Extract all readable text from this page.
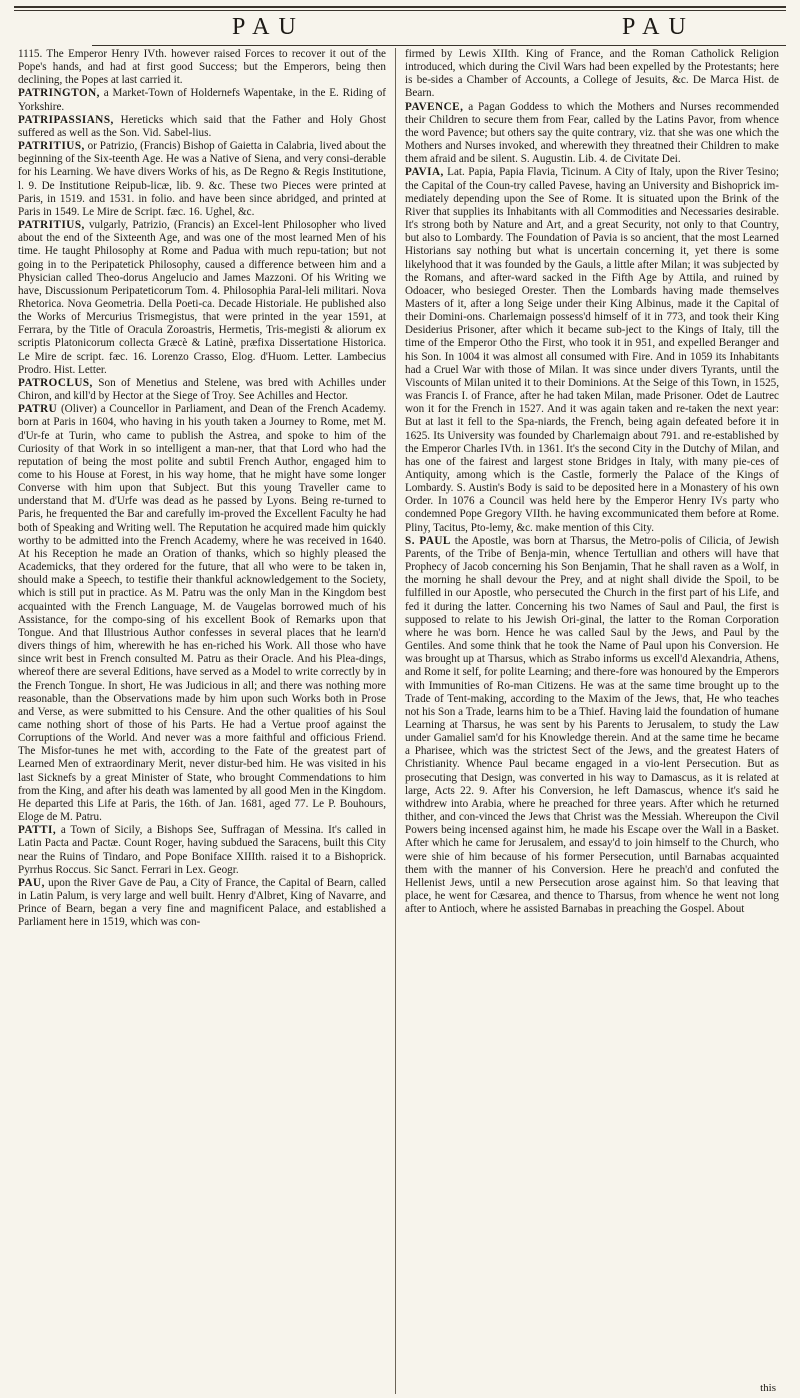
PAU	PAU

1115. The Emperor Henry IVth. however raised Forces to recover it out of the Pope's hands, and had at first good Success; but the Emperors, being then declining, the Popes at last carried it.

PATRINGTON, a Market-Town of Holdernefs Wapentake, in the E. Riding of Yorkshire.

PATRIPASSIANS, Hereticks which said that the Father and Holy Ghost suffered as well as the Son. Vid. Sabel-lius.

PATRITIUS, or Patrizio, (Francis) Bishop of Gaietta in Calabria, lived about the beginning of the Six-teenth Age. He was a Native of Siena, and very consi-derable for his Learning. We have divers Works of his, as De Regno & Regis Institutione, l. 9. De Institutione Reipub-licæ, lib. 9. &c. These two Pieces were printed at Paris, in 1519. and 1531. in folio. and have been since abridged, and printed at Paris in 1549. Le Mire de Script. fæc. 16. Ughel, &c.

PATRITIUS, vulgarly, Patrizio, (Francis) an Excel-lent Philosopher who lived about the end of the Sixteenth Age, and was one of the most learned Men of his time. He taught Philosophy at Rome and Padua with much repu-tation; but not going in to the Peripatetick Philosophy, caused a difference between him and a Physician called Theo-dorus Angelucio and James Mazzoni. Of his Writing we have, Discussionum Peripateticorum Tom. 4. Philosophia Paral-leli militari. Nova Rhetorica. Nova Geometria. Della Poeti-ca. Decade Historiale. He published also the Works of Mercurius Trismegistus, that were printed in the year 1591, at Ferrara, by the Title of Oracula Zoroastris, Hermetis, Tris-megisti & aliorum ex scriptis Platonicorum collecta Græcè & Latinè, præfixa Dissertatione Historica. Le Mire de script. fæc. 16. Lorenzo Crasso, Elog. d'Huom. Letter. Lambecius Prodro. Hist. Letter.

PATROCLUS, Son of Menetius and Stelene, was bred with Achilles under Chiron, and kill'd by Hector at the Siege of Troy. See Achilles and Hector.

PATRU (Oliver) a Councellor in Parliament, and Dean of the French Academy. born at Paris in 1604, who having in his youth taken a Journey to Rome, met M. d'Ur-fe at Turin, who came to publish the Astrea, and spoke to him of the Curiosity of that Work in so intelligent a man-ner, that that Lord who had the reputation of being the most polite and subtil French Author, engaged him to come to his House at Forest, in his way home, that he might have some longer Converse with him upon that Subject. But this young Traveller came to understand that M. d'Urfe was dead as he passed by Lyons. Being re-turned to Paris, he frequented the Bar and carefully im-proved the Excellent Faculty he had both of Speaking and Writing well. The Reputation he acquired made him quickly worthy to be admitted into the French Academy, where he was received in 1640. At his Reception he made an Oration of thanks, which so highly pleased the Academicks, that they ordered for the future, that all who were to be taken in, should make a Speech, to testifie their thankful acknowledgement to the Society, which is still put in practice. As M. Patru was the only Man in the Kingdom best acquainted with the French Language, M. de Vaugelas borrowed much of his Assistance, for the compo-sing of his excellent Book of Remarks upon that Tongue. And that Illustrious Author confesses in several places that he learn'd divers things of him, wherewith he has en-riched his Work. All those who have since writ best in French consulted M. Patru as their Oracle. And his Plea-dings, whereof there are several Editions, have served as a Model to write correctly by in the French Tongue. In short, He was Judicious in all; and there was nothing more reasonable, than the Observations made by him upon such Works both in Prose and Verse, as were submitted to his Censure. And the other qualities of his Soul came nothing short of those of his Parts. He had a Vertue proof against the Corruptions of the World. And never was a more faithful and officious Friend. The Misfor-tunes he met with, according to the Fate of the greatest part of Learned Men of extraordinary Merit, never distur-bed him. He was visited in his last Sicknefs by a great Minister of State, who brought Commendations to him from the King, and after his death was lamented by all good Men in the Kingdom. He departed this Life at Paris, the 16th. of Jan. 1681, aged 77. Le P. Bouhours, Eloge de M. Patru.

PATTI, a Town of Sicily, a Bishops See, Suffragan of Messina. It's called in Latin Pacta and Pactæ. Count Roger, having subdued the Saracens, built this City near the Ruins of Tindaro, and Pope Boniface XIIIth. raised it to a Bishoprick. Pyrrhus Roccus. Sic Sanct. Ferrari in Lex. Geogr.

PAU, upon the River Gave de Pau, a City of France, the Capital of Bearn, called in Latin Palum, is very large and well built. Henry d'Albret, King of Navarre, and Prince of Bearn, began a very fine and magnificent Palace, and established a Parliament here in 1519, which was con-

firmed by Lewis XIIth. King of France, and the Roman Catholick Religion introduced, which during the Civil Wars had been expelled by the Protestants; here is be-sides a Chamber of Accounts, a College of Jesuits, &c. De Marca Hist. de Bearn.

PAVENCE, a Pagan Goddess to which the Mothers and Nurses recommended their Children to secure them from Fear, called by the Latins Pavor, from whence the word Pavence; but others say the quite contrary, viz. that she was one which the Mothers and Nurses invoked, and wherewith they threatned their Children to make them afraid and be silent. S. Augustin. Lib. 4. de Civitate Dei.

PAVIA, Lat. Papia, Papia Flavia, Ticinum. A City of Italy, upon the River Tesino; the Capital of the Coun-try called Pavese, having an University and Bishoprick im-mediately depending upon the See of Rome. It is situated upon the Brink of the River that supplies its Inhabitants with all Commodities and Necessaries desirable. It's strong both by Nature and Art, and a great Security, not only to that Country, but also to Lombardy. The Foundation of Pavia is so ancient, that the most Learned Historians say nothing but what is uncertain concerning it, yet there is some likelyhood that it was founded by the Gauls, a little after Milan; it was subjected by the Romans, and after-ward sacked in the Fifth Age by Attila, and ruined by Odoacer, who besieged Orester. Then the Lombards having made themselves Masters of it, after a long Seige under their King Albinus, made it the Capital of their Domini-ons. Charlemaign possess'd himself of it in 773, and took their King Desiderius Prisoner, after which it became sub-ject to the Kings of Italy, till the time of the Emperor Otho the First, who took it in 951, and expelled Beranger and his Son. In 1004 it was almost all consumed with Fire. And in 1059 its Inhabitants had a Cruel War with those of Milan. It was since under divers Tyrants, until the Viscounts of Milan united it to their Dominions. At the Seige of this Town, in 1525, was Francis I. of France, after he had taken Milan, made Prisoner. Odet de Lautrec won it for the French in 1527. And it was again taken and re-taken the next year: But at last it fell to the Spa-niards, the French, being again defeated before it in 1625. Its University was founded by Charlemaign about 791. and re-established by the Emperor Charles IVth. in 1361. It's the second City in the Dutchy of Milan, and has one of the fairest and largest stone Bridges in Italy, with many pie-ces of Antiquity, among which is the Castle, formerly the Palace of the Kings of Lombardy. S. Austin's Body is said to be deposited here in a Monastery of his own Order. In 1076 a Council was held here by the Emperor Henry IVs party who condemned Pope Gregory VIIth. he having excommunicated them before at Rome. Pliny, Tacitus, Pto-lemy, &c. make mention of this City.

S. PAUL the Apostle, was born at Tharsus, the Metro-polis of Cilicia, of Jewish Parents, of the Tribe of Benja-min, whence Tertullian and others will have that Prophecy of Jacob concerning his Son Benjamin, That he shall raven as a Wolf, in the morning he shall devour the Prey, and at night shall divide the Spoil, to be fulfilled in our Apostle, who persecuted the Church in the first part of his Life, and fed it during the latter. Concerning his two Names of Saul and Paul, the first is supposed to relate to his Jewish Ori-ginal, the latter to the Roman Corporation where he was born. Hence he was called Saul by the Jews, and Paul by the Gentiles. And some think that he took the Name of Paul upon his Conversion. He was brought up at Tharsus, which as Strabo informs us excell'd Alexandria, Athens, and Rome it self, for polite Learning; and there-fore was honoured by the Emperors with Immunities of Ro-man Citizens. He was at the same time brought up to the Trade of Tent-making, according to the Maxim of the Jews, that, He who teaches not his Son a Trade, learns him to be a Thief. Having laid the foundation of humane Learning at Tharsus, he was sent by his Parents to Jerusalem, to study the Law under Gamaliel sam'd for his Knowledge therein. And at the same time he became a Pharisee, which was the strictest Sect of the Jews, and the greatest Haters of Christianity. Whence Paul became engaged in a vio-lent Persecution. But as prosecuting that Design, was converted in his way to Damascus, as it is related at large, Acts 22. 9. After his Conversion, he left Damascus, whence it's said he withdrew into Arabia, where he preached for three years. After which he returned thither, and con-vinced the Jews that Christ was the Messiah. Whereupon the Civil Powers being incensed against him, he made his Escape over the Wall in a Basket. After which he came for Jerusalem, and essay'd to join himself to the Church, who were shie of him because of his former Persecution, until Barnabas acquainted them with the manner of his Conversion. Here he preach'd and confuted the Hellenist Jews, until a new Persecution arose against him. So that leaving that place, he went for Cæsarea, and thence to Tharsus, from whence he went not long after to Antioch, where he assisted Barnabas in preaching the Gospel. About

this
